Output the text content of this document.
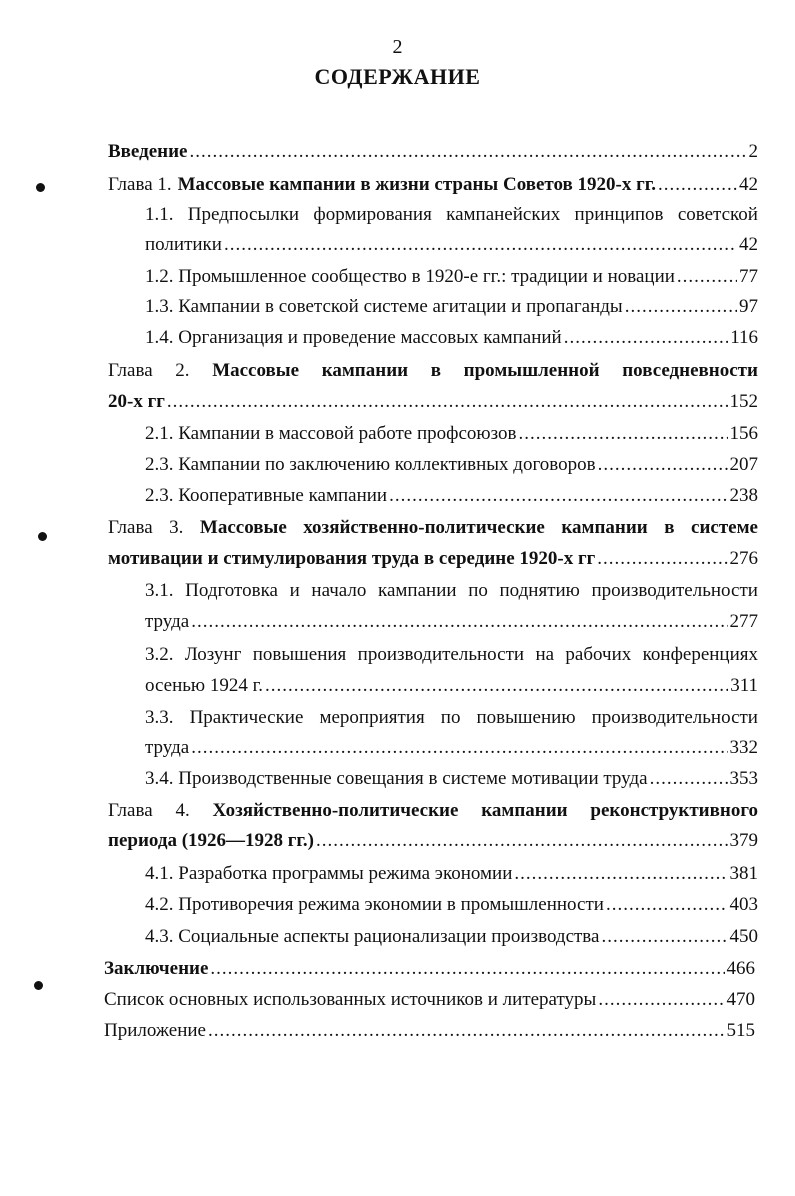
2
СОДЕРЖАНИЕ
Введение .....	2
Глава 1. Массовые кампании в жизни страны Советов 1920-х гг. .....	42
1.1. Предпосылки формирования кампанейских принципов советской
политики .....	42
1.2. Промышленное сообщество в 1920-е гг.: традиции и новации .....	77
1.3. Кампании в советской системе агитации и пропаганды .....	97
1.4. Организация и проведение массовых кампаний .....	116
Глава 2. Массовые кампании в промышленной повседневности
20-х гг .....	152
2.1. Кампании в массовой работе профсоюзов .....	156
2.3. Кампании по заключению коллективных договоров .....	207
2.3. Кооперативные кампании .....	238
Глава 3. Массовые хозяйственно-политические кампании в системе
мотивации и стимулирования труда в середине 1920-х гг .....	276
3.1. Подготовка и начало кампании по поднятию производительности
труда .....	277
3.2. Лозунг повышения производительности на рабочих конференциях
осенью 1924 г. .....	311
3.3. Практические мероприятия по повышению производительности
труда .....	332
3.4. Производственные совещания в системе мотивации труда .....	353
Глава 4. Хозяйственно-политические кампании реконструктивного
периода (1926—1928 гг.) .....	379
4.1. Разработка программы режима экономии .....	381
4.2. Противоречия режима экономии в промышленности .....	403
4.3. Социальные аспекты рационализации производства .....	450
Заключение .....	466
Список основных использованных источников и литературы .....	470
Приложение .....	515
